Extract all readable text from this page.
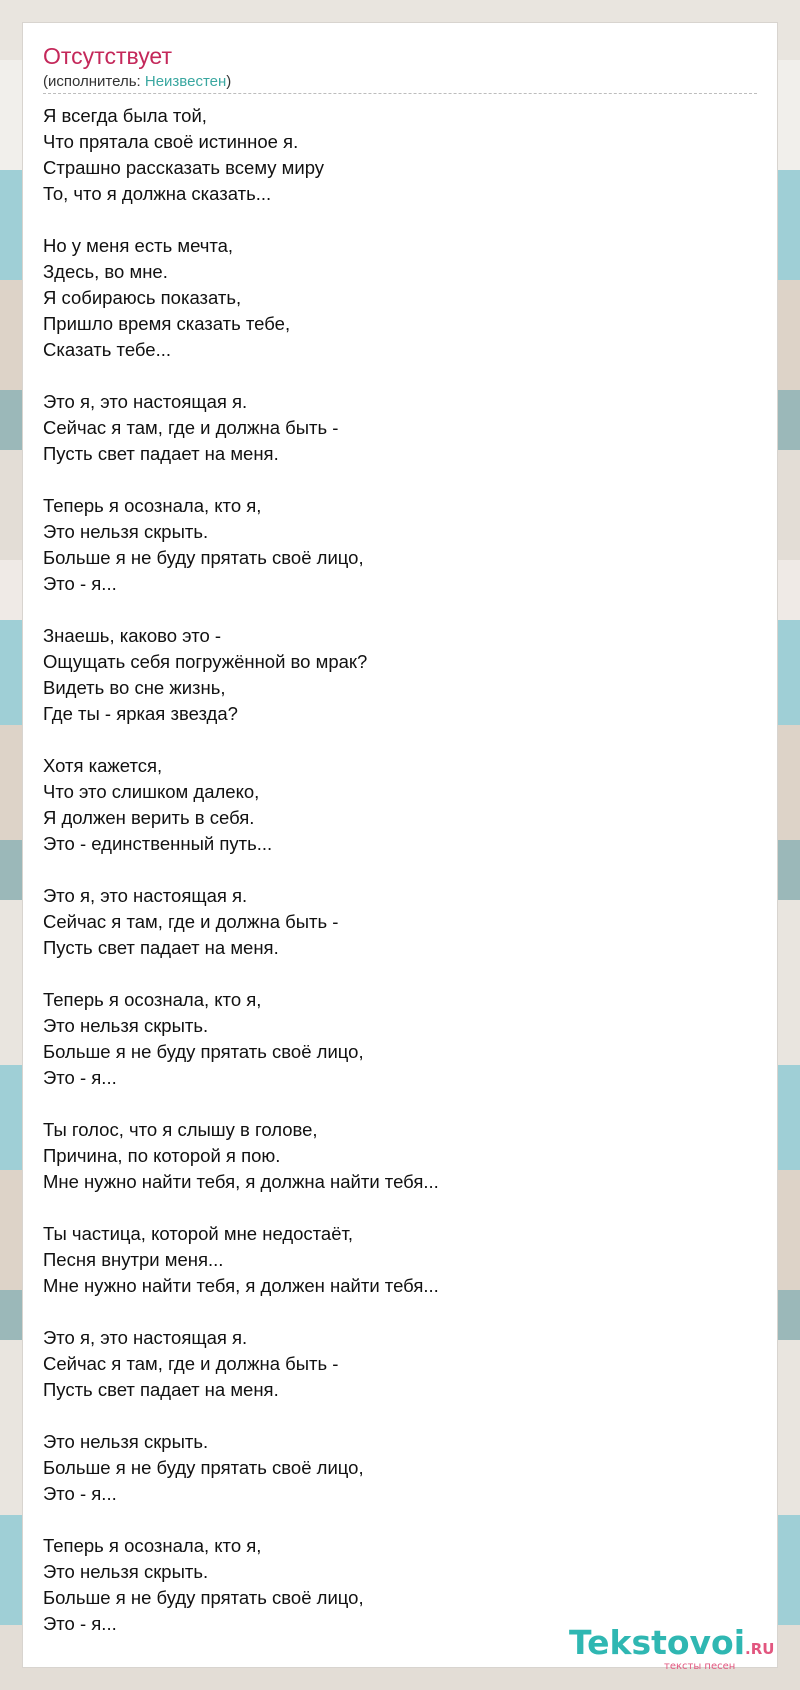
Отсутствует
(исполнитель: Неизвестен)
Я всегда была той,
Что прятала своё истинное я.
Страшно рассказать всему миру
То, что я должна сказать...
Но у меня есть мечта,
Здесь, во мне.
Я собираюсь показать,
Пришло время сказать тебе,
Сказать тебе...
Это я, это настоящая я.
Сейчас я там, где и должна быть -
Пусть свет падает на меня.
Теперь я осознала, кто я,
Это нельзя скрыть.
Больше я не буду прятать своё лицо,
Это - я...
Знаешь, каково это -
Ощущать себя погружённой во мрак?
Видеть во сне жизнь,
Где ты - яркая звезда?
Хотя кажется,
Что это слишком далеко,
Я должен верить в себя.
Это - единственный путь...
Это я, это настоящая я.
Сейчас я там, где и должна быть -
Пусть свет падает на меня.
Теперь я осознала, кто я,
Это нельзя скрыть.
Больше я не буду прятать своё лицо,
Это - я...
Ты голос, что я слышу в голове,
Причина, по которой я пою.
Мне нужно найти тебя, я должна найти тебя...
Ты частица, которой мне недостаёт,
Песня внутри меня...
Мне нужно найти тебя, я должен найти тебя...
Это я, это настоящая я.
Сейчас я там, где и должна быть -
Пусть свет падает на меня.
Это нельзя скрыть.
Больше я не буду прятать своё лицо,
Это - я...
Теперь я осознала, кто я,
Это нельзя скрыть.
Больше я не буду прятать своё лицо,
Это - я...	Tekstovoi.RU
тексты песен
